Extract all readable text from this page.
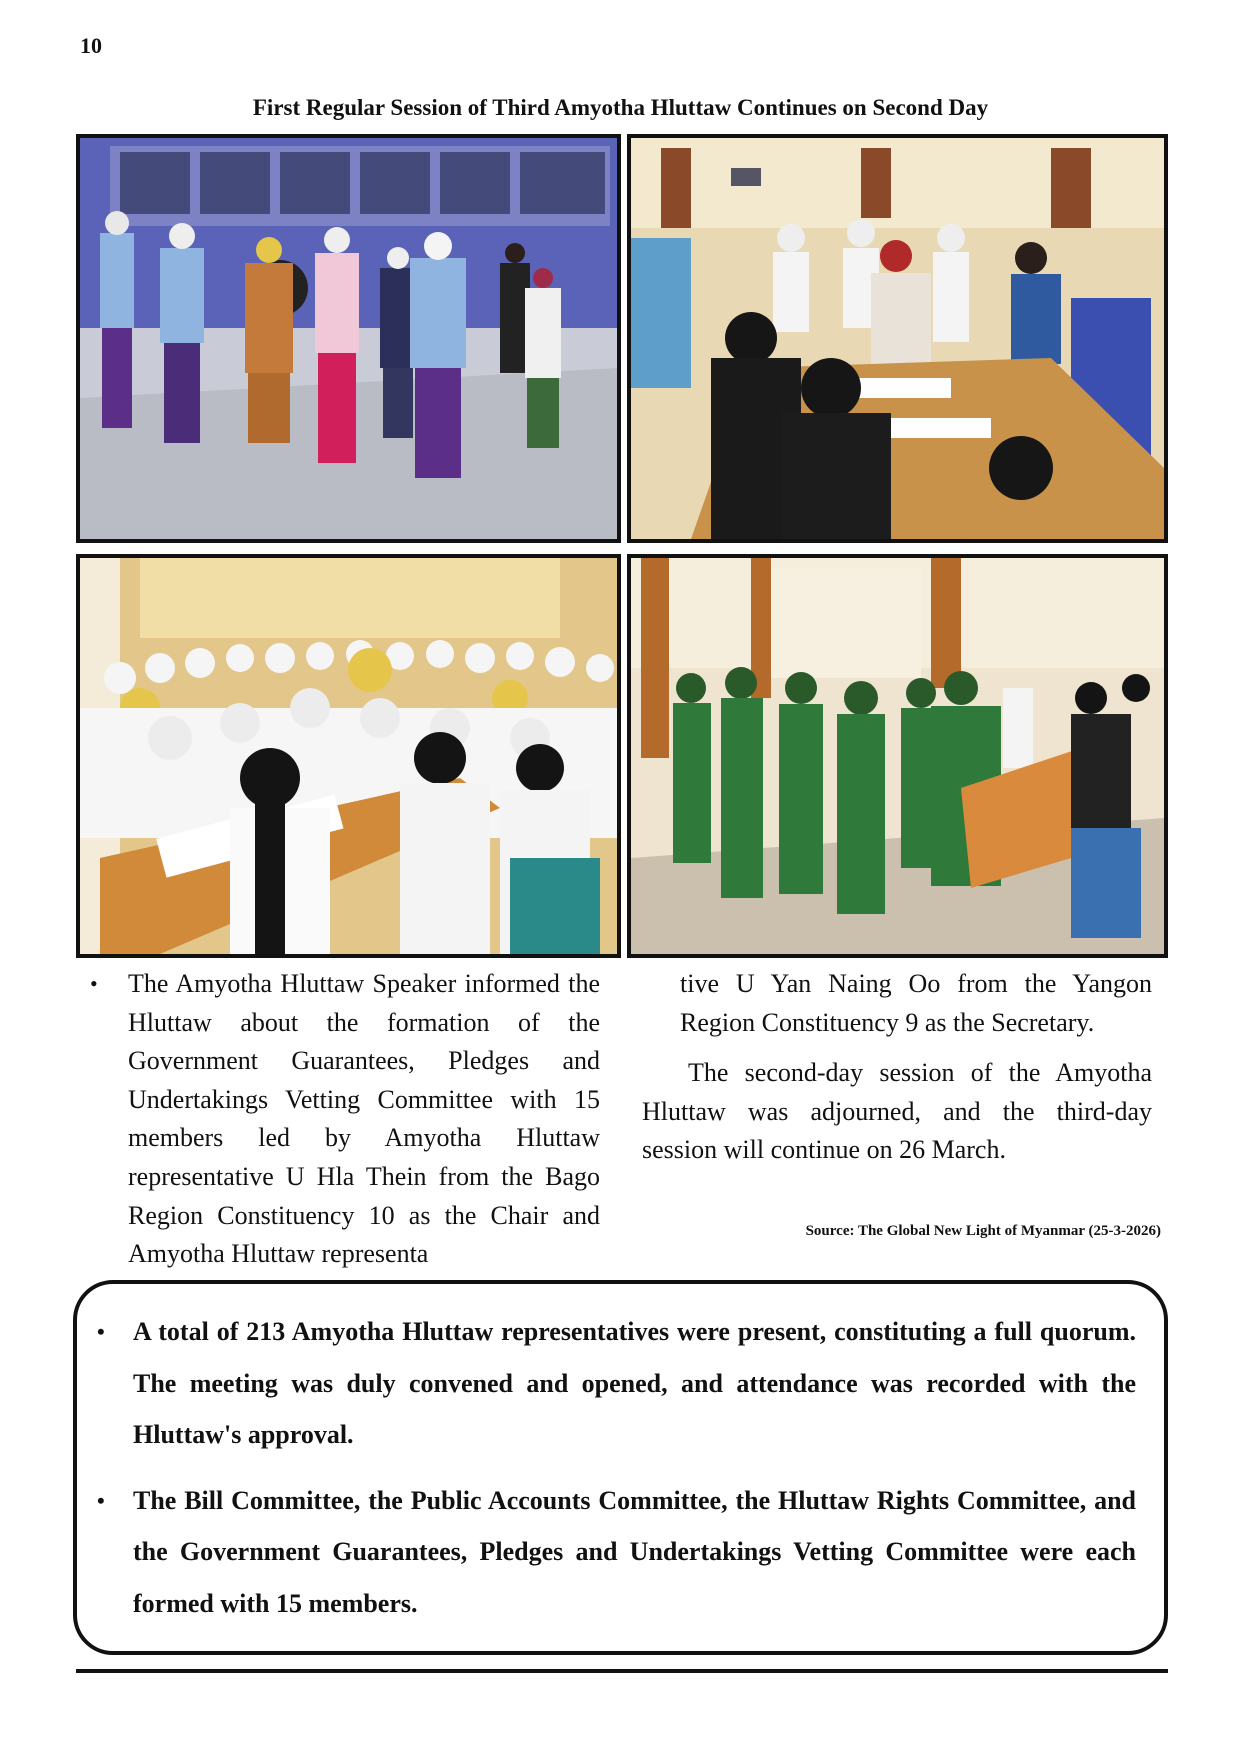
10
First Regular Session of Third Amyotha Hluttaw Continues on Second Day
•	The Amyotha Hluttaw Speaker informed the Hluttaw about the formation of the Government Guarantees, Pledges and Undertakings Vetting Committee with 15 members led by Amyotha Hluttaw representative U Hla Thein from the Bago Region Constituency 10 as the Chair and Amyotha Hluttaw representa
tive U Yan Naing Oo from the Yangon Region Constituency 9 as the Secretary.
The second-day session of the Amyotha Hluttaw was adjourned, and the third-day session will continue on 26 March.
Source: The Global New Light of Myanmar (25-3-2026)
•	A total of 213 Amyotha Hluttaw representatives were present, constituting a full quorum. The meeting was duly convened and opened, and attendance was recorded with the Hluttaw's approval.
•	The Bill Committee, the Public Accounts Committee, the Hluttaw Rights Committee, and the Government Guarantees, Pledges and Undertakings Vetting Committee were each formed with 15 members.
